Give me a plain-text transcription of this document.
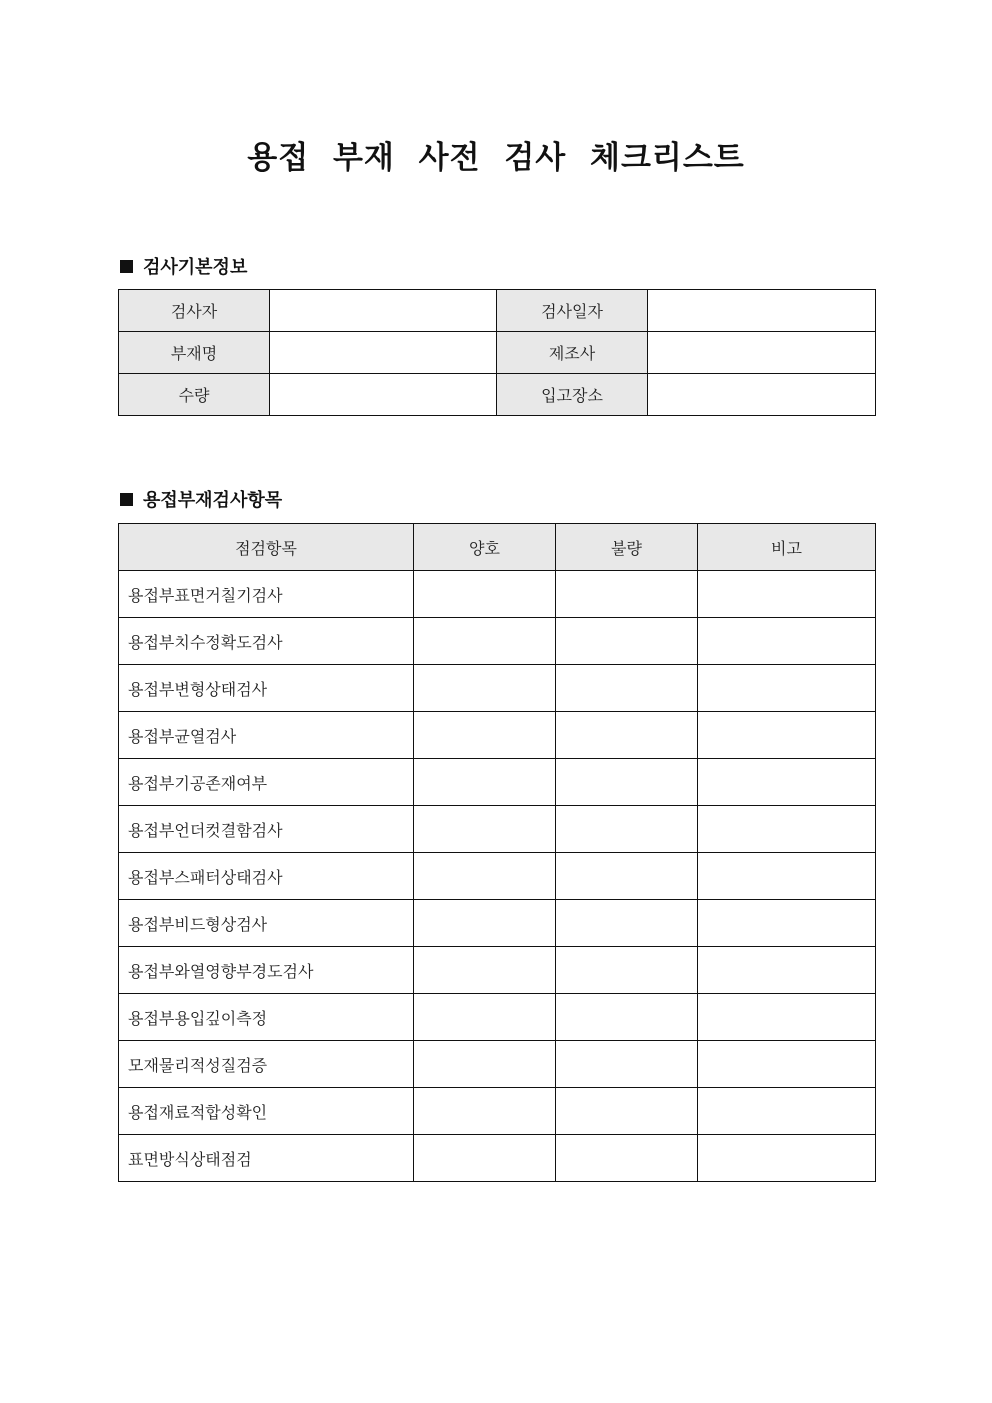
용접 부재 사전 검사 체크리스트
검사기본정보
검사자		검사일자	
부재명		제조사	
수량		입고장소	
용접부재검사항목
점검항목	양호	불량	비고
용접부표면거칠기검사			
용접부치수정확도검사			
용접부변형상태검사			
용접부균열검사			
용접부기공존재여부			
용접부언더컷결함검사			
용접부스패터상태검사			
용접부비드형상검사			
용접부와열영향부경도검사			
용접부용입깊이측정			
모재물리적성질검증			
용접재료적합성확인			
표면방식상태점검			
